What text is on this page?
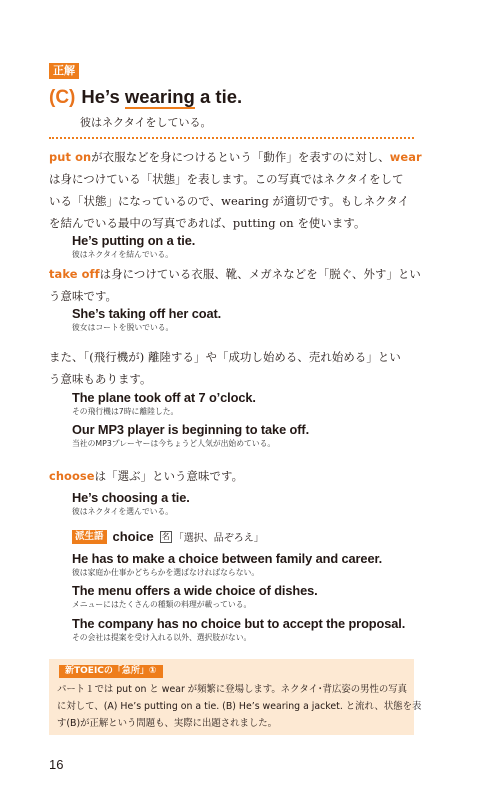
正解
(C) He’s wearing a tie.
彼はネクタイをしている。
put onが衣服などを身につけるという「動作」を表すのに対し、wear
は身につけている「状態」を表します。この写真ではネクタイをして
いる「状態」になっているので、wearing が適切です。もしネクタイ
を結んでいる最中の写真であれば、putting on を使います。
He’s putting on a tie.
彼はネクタイを結んでいる。
take offは身につけている衣服、靴、メガネなどを「脱ぐ、外す」とい
う意味です。
She’s taking off her coat.
彼女はコートを脱いでいる。
また、「(飛行機が) 離陸する」や「成功し始める、売れ始める」とい
う意味もあります。
The plane took off at 7 o’clock.
その飛行機は7時に離陸した。
Our MP3 player is beginning to take off.
当社のMP3プレーヤーは今ちょうど人気が出始めている。
chooseは「選ぶ」という意味です。
He’s choosing a tie.
彼はネクタイを選んでいる。
派生語 choice 名 「選択、品ぞろえ」
He has to make a choice between family and career.
彼は家庭か仕事かどちらかを選ばなければならない。
The menu offers a wide choice of dishes.
メニューにはたくさんの種類の料理が載っている。
The company has no choice but to accept the proposal.
その会社は提案を受け入れる以外、選択肢がない。
新TOEICの「急所」①
パート１では put on と wear が頻繁に登場します。ネクタイ･背広姿の男性の写真
に対して、(A) He’s putting on a tie. (B) He’s wearing a jacket. と流れ、状態を表
す(B)が正解という問題も、実際に出題されました。
16
